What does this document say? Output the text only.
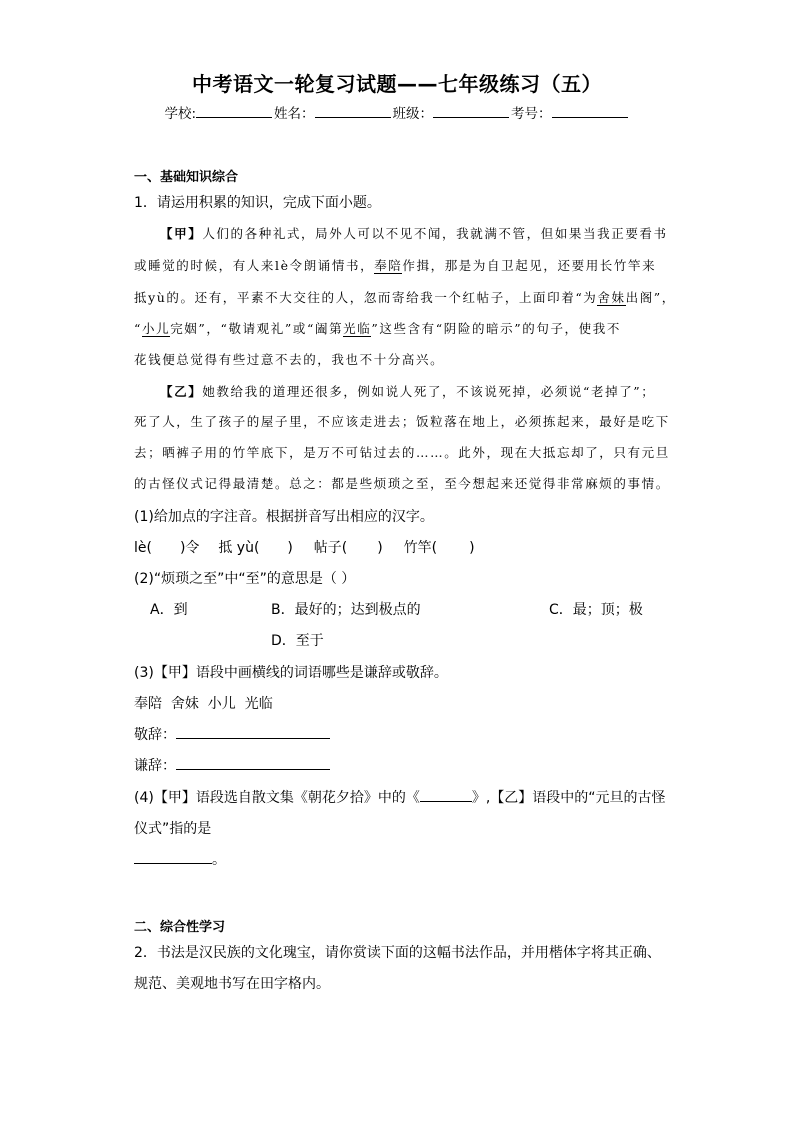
中考语文一轮复习试题——七年级练习（五）
学校:	姓名：	班级：	考号：
一、基础知识综合
1．请运用积累的知识，完成下面小题。
【甲】人们的各种礼式，局外人可以不见不闻，我就满不管，但如果当我正要看书
或睡觉的时候，有人来lè令朗诵情书，奉陪作揖，那是为自卫起见，还要用长竹竿来
抵yù的。还有，平素不大交往的人，忽而寄给我一个红帖子，上面印着“为舍妹出阁”，
“小儿完姻”，“敬请观礼”或“阖第光临”这些含有“阴险的暗示”的句子，使我不
花钱便总觉得有些过意不去的，我也不十分高兴。
【乙】她教给我的道理还很多，例如说人死了，不该说死掉，必须说“老掉了”；
死了人，生了孩子的屋子里，不应该走进去；饭粒落在地上，必须拣起来，最好是吃下
去；晒裤子用的竹竿底下，是万不可钻过去的……。此外，现在大抵忘却了，只有元旦
的古怪仪式记得最清楚。总之：都是些烦琐之至，至今想起来还觉得非常麻烦的事情。
(1)给加点的字注音。根据拼音写出相应的汉字。
lè( )令 抵 yù( ) 帖子( ) 竹竿( )
(2)“烦琐之至”中“至”的意思是（ ）
A．到	B．最好的；达到极点的	C．最；顶；极
D．至于
(3)【甲】语段中画横线的词语哪些是谦辞或敬辞。
奉陪  舍妹  小儿  光临
敬辞：
谦辞：
(4)【甲】语段选自散文集《朝花夕拾》中的《	》,【乙】语段中的“元旦的古怪
仪式”指的是
。
二、综合性学习
2．书法是汉民族的文化瑰宝，请你赏读下面的这幅书法作品，并用楷体字将其正确、
规范、美观地书写在田字格内。
